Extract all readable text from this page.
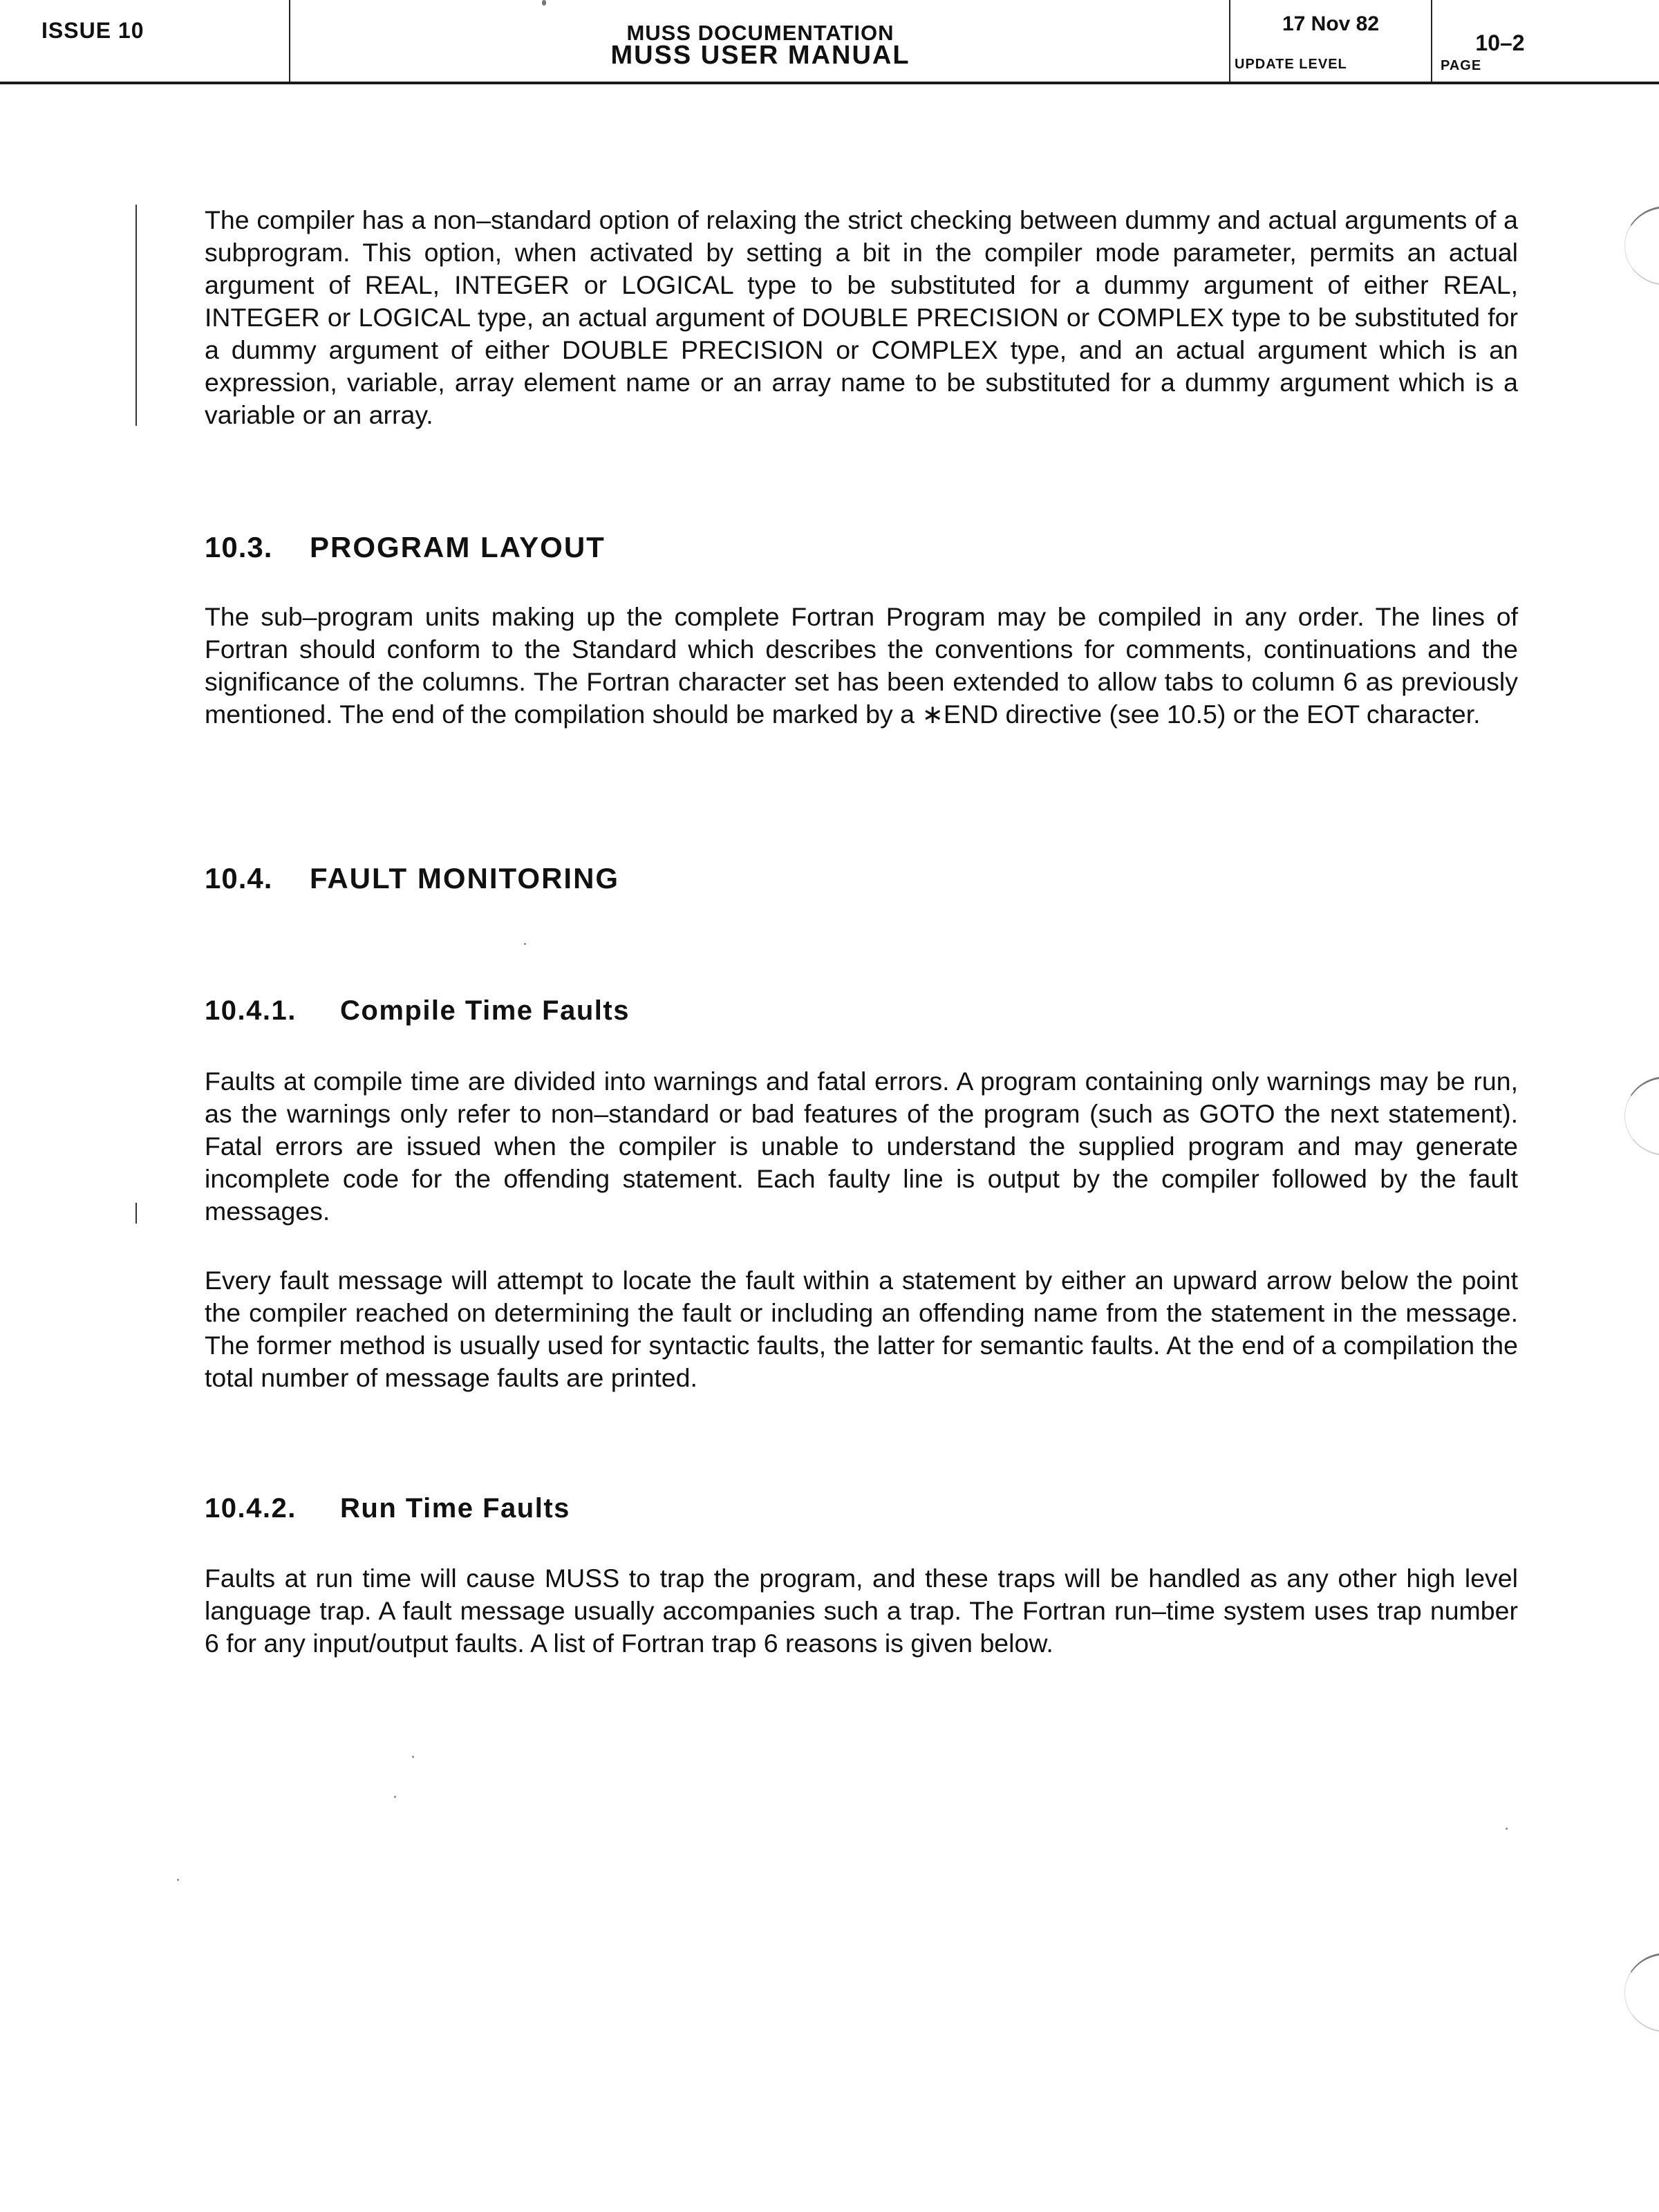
ISSUE 10	MUSS DOCUMENTATION
MUSS USER MANUAL
17 Nov 82
UPDATE LEVEL
10–2
PAGE

The compiler has a non–standard option of relaxing the strict checking between dummy and actual arguments of a subprogram. This option, when activated by setting a bit in the compiler mode parameter, permits an actual argument of REAL, INTEGER or LOGICAL type to be substituted for a dummy argument of either REAL, INTEGER or LOGICAL type, an actual argument of DOUBLE PRECISION or COMPLEX type to be substituted for a dummy argument of either DOUBLE PRECISION or COMPLEX type, and an actual argument which is an expression, variable, array element name or an array name to be substituted for a dummy argument which is a variable or an array.

10.3. PROGRAM LAYOUT

The sub–program units making up the complete Fortran Program may be compiled in any order. The lines of Fortran should conform to the Standard which describes the conventions for comments, continuations and the significance of the columns. The Fortran character set has been extended to allow tabs to column 6 as previously mentioned. The end of the compilation should be marked by a ∗END directive (see 10.5) or the EOT character.

10.4. FAULT MONITORING
10.4.1. Compile Time Faults

Faults at compile time are divided into warnings and fatal errors. A program containing only warnings may be run, as the warnings only refer to non–standard or bad features of the program (such as GOTO the next statement). Fatal errors are issued when the compiler is unable to understand the supplied program and may generate incomplete code for the offending statement. Each faulty line is output by the compiler followed by the fault messages.

Every fault message will attempt to locate the fault within a statement by either an upward arrow below the point the compiler reached on determining the fault or including an offending name from the statement in the message. The former method is usually used for syntactic faults, the latter for semantic faults. At the end of a compilation the total number of message faults are printed.

10.4.2. Run Time Faults

Faults at run time will cause MUSS to trap the program, and these traps will be handled as any other high level language trap. A fault message usually accompanies such a trap. The Fortran run–time system uses trap number 6 for any input/output faults. A list of Fortran trap 6 reasons is given below.
